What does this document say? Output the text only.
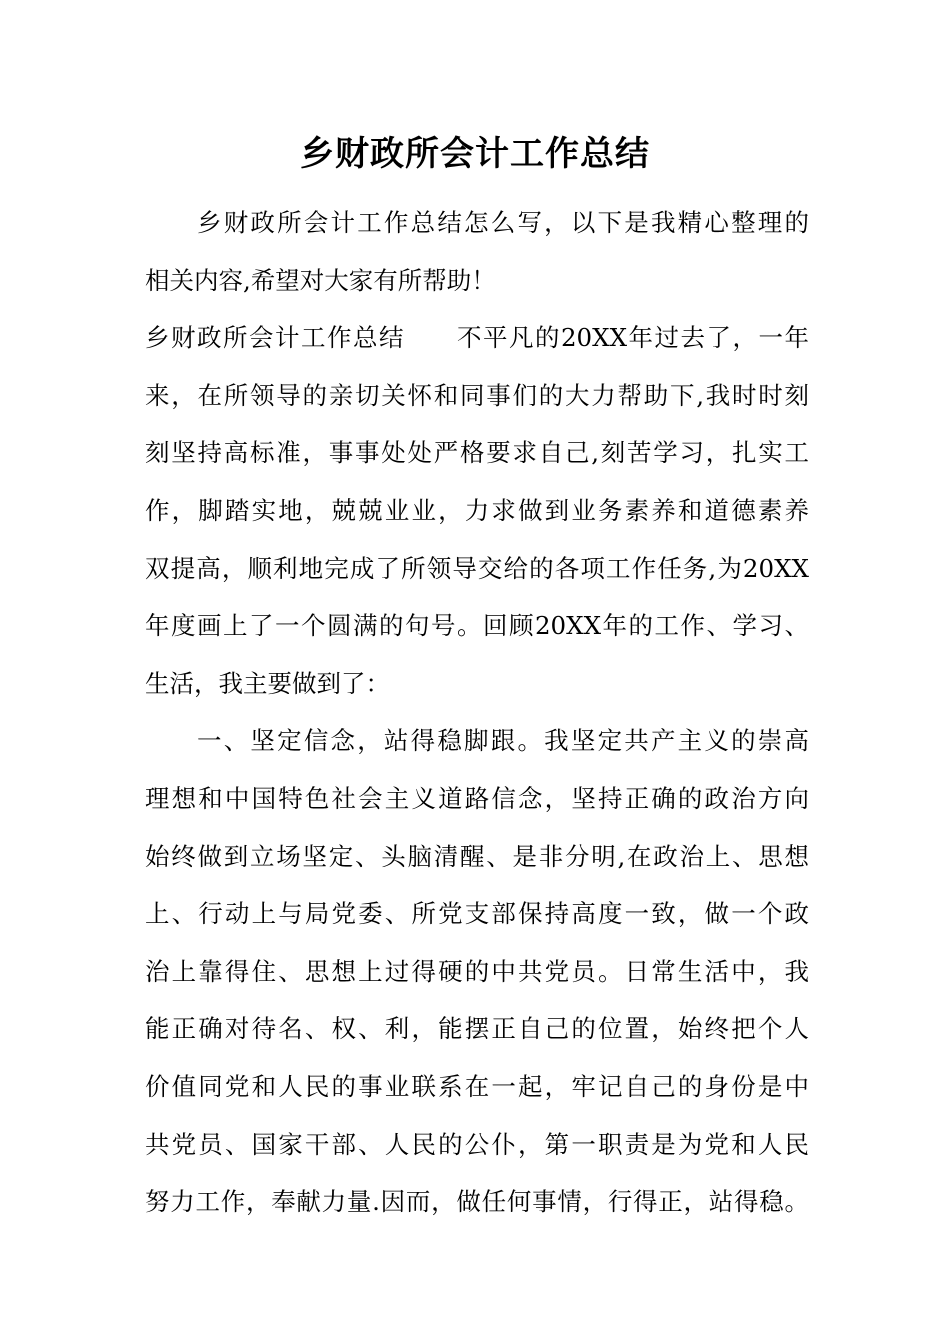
乡财政所会计工作总结
乡财政所会计工作总结怎么写，以下是我精心整理的
相关内容,希望对大家有所帮助！
乡财政所会计工作总结　　不平凡的20XX年过去了，一年
来，在所领导的亲切关怀和同事们的大力帮助下,我时时刻
刻坚持高标准，事事处处严格要求自己,刻苦学习，扎实工
作，脚踏实地，兢兢业业，力求做到业务素养和道德素养
双提高，顺利地完成了所领导交给的各项工作任务,为20XX
年度画上了一个圆满的句号。回顾20XX年的工作、学习、
生活，我主要做到了：
一、坚定信念，站得稳脚跟。我坚定共产主义的崇高
理想和中国特色社会主义道路信念，坚持正确的政治方向
始终做到立场坚定、头脑清醒、是非分明,在政治上、思想
上、行动上与局党委、所党支部保持高度一致，做一个政
治上靠得住、思想上过得硬的中共党员。日常生活中，我
能正确对待名、权、利，能摆正自己的位置，始终把个人
价值同党和人民的事业联系在一起，牢记自己的身份是中
共党员、国家干部、人民的公仆，第一职责是为党和人民
努力工作，奉献力量.因而，做任何事情，行得正，站得稳。
